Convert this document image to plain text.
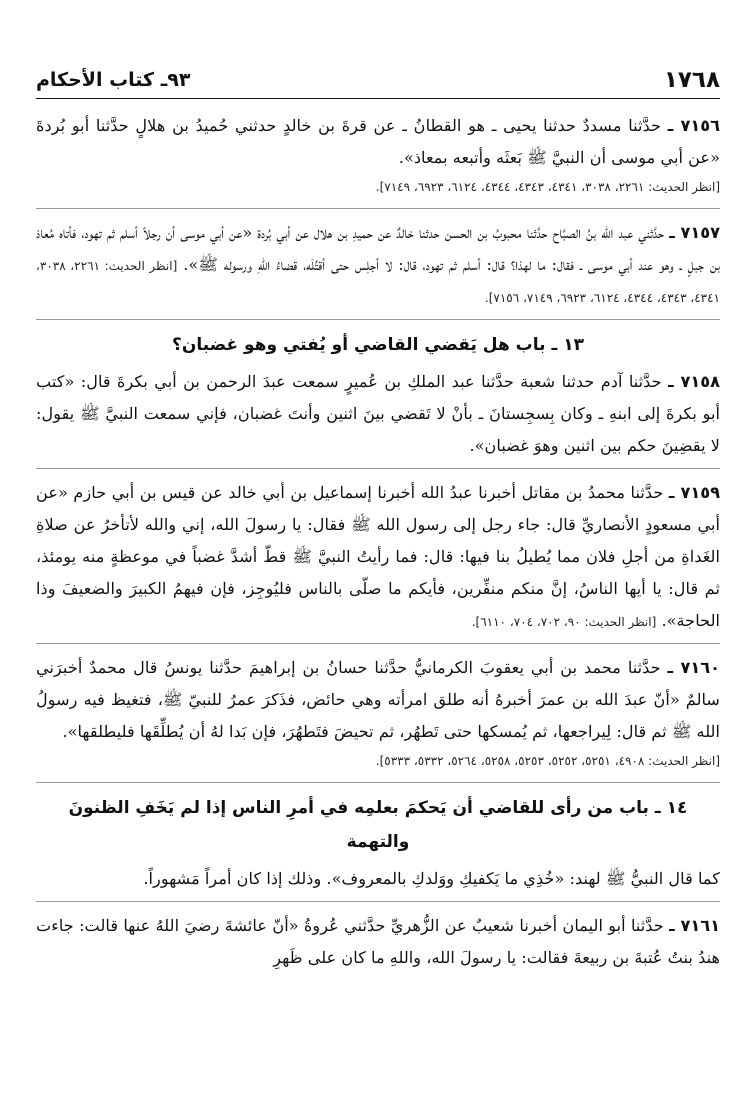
١٧٦٨
٩٣ـ كتاب الأحكام

٧١٥٦ ـ حدَّثنا مسددٌ حدثنا يحيى ـ هو القطانُ ـ عن قرةَ بن خالدٍ حدثني حُميدُ بن هلالٍ حدَّثنا أبو بُردةَ «عن أبي موسى أن النبيَّ ﷺ بَعثَه وأتبعه بمعاذ».

[انظر الحديث: ٢٢٦١، ٣٠٣٨، ٤٣٤١، ٤٣٤٣، ٤٣٤٤، ٦١٢٤، ٦٩٢٣، ٧١٤٩].

٧١٥٧ ـ حدَّثني عبد الله بنُ الصبَّاح حدَّثنا محبوبُ بن الحسن حدثنا خالدٌ عن حميدِ بن هلال عن أبي بُردة «عن أبي موسى أن رجلاً أسلم ثم تهود، فأتاه مُعاذ بن جبلٍ ـ وهو عند أبي موسى ـ فقال: ما لهذا؟ قال: أسلم ثم تهود، قال: لا أجلِس حتى أقتُلَه، قضاءُ اللهِ ورسوله ﷺ». [انظر الحديث: ٢٢٦١، ٣٠٣٨، ٤٣٤١، ٤٣٤٣، ٤٣٤٤، ٦١٢٤، ٦٩٢٣، ٧١٤٩، ٧١٥٦].

١٣ ـ باب هل يَقضي القاضي أو يُفتي وهو غضبان؟

٧١٥٨ ـ حدَّثنا آدم حدثنا شعبة حدَّثنا عبد الملكِ بن عُميرٍ سمعت عبدَ الرحمن بن أبي بكرةَ قال: «كتب أبو بكرةَ إلى ابنهِ ـ وكان بِسجِستانَ ـ بأنْ لا تَقضي بينَ اثنين وأنتَ غضبان، فإني سمعت النبيَّ ﷺ يقول: لا يقضِينَ حكم بين اثنين وهوَ غضبان».

٧١٥٩ ـ حدَّثنا محمدُ بن مقاتل أخبرنا عبدُ الله أخبرنا إسماعيل بن أبي خالد عن قيس بن أبي حازم «عن أبي مسعودٍ الأنصاريِّ قال: جاء رجل إلى رسول الله ﷺ فقال: يا رسولَ الله، إني والله لأتأخرُ عن صلاةِ الغَداةِ من أجلِ فلان مما يُطيلُ بنا فيها: قال: فما رأيتُ النبيَّ ﷺ قطّ أشدَّ غضباً في موعظةٍ منه يومئذ، ثم قال: يا أيها الناسُ، إنَّ منكم منفِّرين، فأيكم ما صلّى بالناس فليُوجِز، فإن فيهمُ الكبيرَ والضعيفَ وذا الحاجة». [انظر الحديث: ٩٠، ٧٠٢، ٧٠٤، ٦١١٠].

٧١٦٠ ـ حدَّثنا محمد بن أبي يعقوبَ الكرمانيُّ حدَّثنا حسانُ بن إبراهيمَ حدَّثنا يونسُ قال محمدٌ أخبرَني سالمٌ «أنّ عبدَ الله بن عمرَ أخبرهُ أنه طلق امرأته وهي حائض، فذَكرَ عمرُ للنبيّ ﷺ، فتغيظ فيه رسولُ الله ﷺ ثم قال: لِيراجعها، ثم يُمسكها حتى تَطهُر، ثم تحيضَ فتَطهُرَ، فإن بَدا لهُ أن يُطلِّقَها فليطلقها».

[انظر الحديث: ٤٩٠٨، ٥٢٥١، ٥٢٥٢، ٥٢٥٣، ٥٢٥٨، ٥٢٦٤، ٥٣٣٢، ٥٣٣٣].
١٤ ـ باب من رأى للقاضي أن يَحكمَ بعلمِه في أمرِ الناس إذا لم يَخَفِ الظنونَ والتهمة

كما قال النبيُّ ﷺ لهند: «خُذِي ما يَكفيكِ ووَلدكِ بالمعروف». وذلك إذا كان أمراً مَشهوراً.

٧١٦١ ـ حدَّثنا أبو اليمان أخبرنا شعيبٌ عن الزُّهريِّ حدَّثني عُروةُ «أنّ عائشةَ رضيَ اللهُ عنها قالت: جاءت هندُ بنتُ عُتبةَ بن ربيعةَ فقالت: يا رسولَ الله، واللهِ ما كان على ظَهرِ
